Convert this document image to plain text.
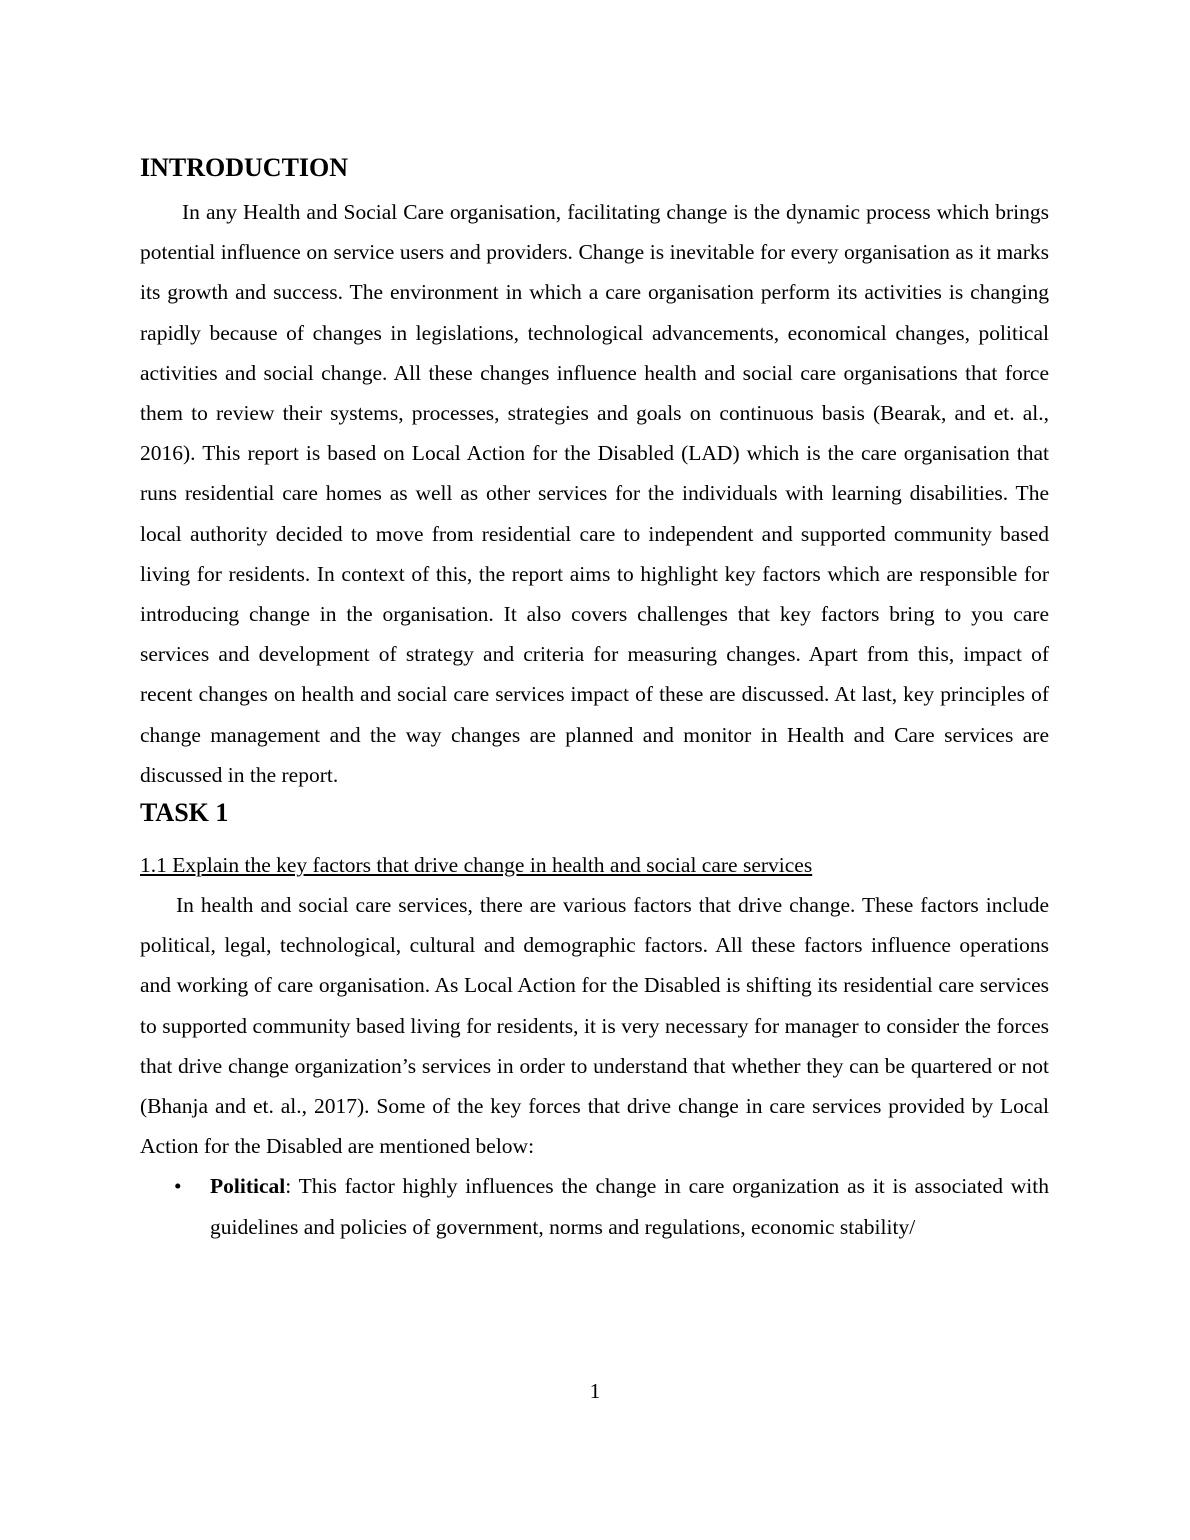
INTRODUCTION

In any Health and Social Care organisation, facilitating change is the dynamic process which brings potential influence on service users and providers. Change is inevitable for every organisation as it marks its growth and success. The environment in which a care organisation perform its activities is changing rapidly because of changes in legislations, technological advancements, economical changes, political activities and social change. All these changes influence health and social care organisations that force them to review their systems, processes, strategies and goals on continuous basis (Bearak, and et. al., 2016). This report is based on Local Action for the Disabled (LAD) which is the care organisation that runs residential care homes as well as other services for the individuals with learning disabilities. The local authority decided to move from residential care to independent and supported community based living for residents. In context of this, the report aims to highlight key factors which are responsible for introducing change in the organisation. It also covers challenges that key factors bring to you care services and development of strategy and criteria for measuring changes. Apart from this, impact of recent changes on health and social care services impact of these are discussed. At last, key principles of change management and the way changes are planned and monitor in Health and Care services are discussed in the report.

TASK 1

1.1 Explain the key factors that drive change in health and social care services

In health and social care services, there are various factors that drive change. These factors include political, legal, technological, cultural and demographic factors. All these factors influence operations and working of care organisation. As Local Action for the Disabled is shifting its residential care services to supported community based living for residents, it is very necessary for manager to consider the forces that drive change organization’s services in order to understand that whether they can be quartered or not (Bhanja and et. al., 2017). Some of the key forces that drive change in care services provided by Local Action for the Disabled are mentioned below:

• Political: This factor highly influences the change in care organization as it is associated with guidelines and policies of government, norms and regulations, economic stability/
1
